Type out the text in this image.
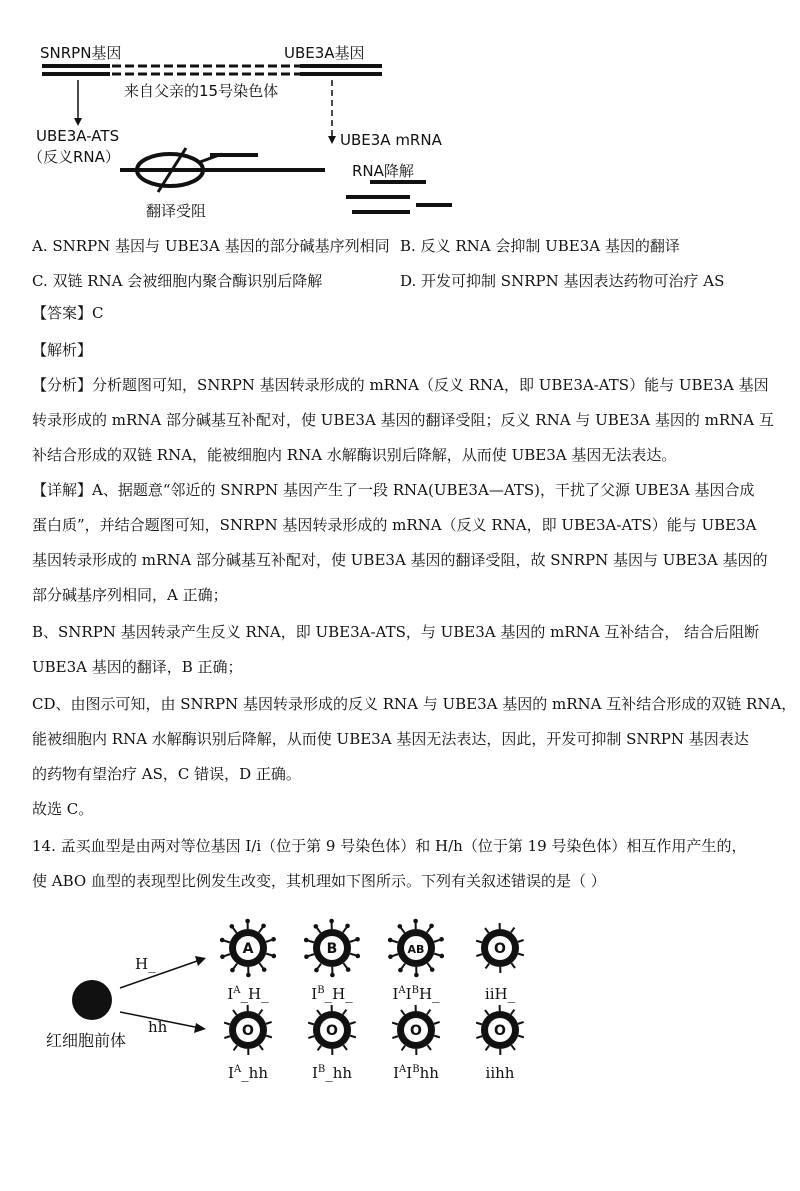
SNRPN基因	UBE3A基因
来自父亲的15号染色体
UBE3A-ATS
（反义RNA）
UBE3A mRNA
RNA降解
翻译受阻
A. SNRPN 基因与 UBE3A 基因的部分碱基序列相同 B. 反义 RNA 会抑制 UBE3A 基因的翻译
C. 双链 RNA 会被细胞内聚合酶识别后降解	D. 开发可抑制 SNRPN 基因表达药物可治疗 AS
【答案】C
【解析】
【分析】分析题图可知，SNRPN 基因转录形成的 mRNA（反义 RNA，即 UBE3A-ATS）能与 UBE3A 基因
转录形成的 mRNA 部分碱基互补配对，使 UBE3A 基因的翻译受阻；反义 RNA 与 UBE3A 基因的 mRNA 互
补结合形成的双链 RNA，能被细胞内 RNA 水解酶识别后降解，从而使 UBE3A 基因无法表达。
【详解】A、据题意“邻近的 SNRPN 基因产生了一段 RNA(UBE3A—ATS)，干扰了父源 UBE3A 基因合成
蛋白质”，并结合题图可知，SNRPN 基因转录形成的 mRNA（反义 RNA，即 UBE3A-ATS）能与 UBE3A
基因转录形成的 mRNA 部分碱基互补配对，使 UBE3A 基因的翻译受阻，故 SNRPN 基因与 UBE3A 基因的
部分碱基序列相同，A 正确；
B、SNRPN 基因转录产生反义 RNA，即 UBE3A-ATS，与 UBE3A 基因的 mRNA 互补结合， 结合后阻断
UBE3A 基因的翻译，B 正确；
CD、由图示可知，由 SNRPN 基因转录形成的反义 RNA 与 UBE3A 基因的 mRNA 互补结合形成的双链 RNA，
能被细胞内 RNA 水解酶识别后降解，从而使 UBE3A 基因无法表达，因此，开发可抑制 SNRPN 基因表达
的药物有望治疗 AS，C 错误，D 正确。
故选 C。
14. 孟买血型是由两对等位基因 I/i（位于第 9 号染色体）和 H/h（位于第 19 号染色体）相互作用产生的，
使 ABO 血型的表现型比例发生改变，其机理如下图所示。下列有关叙述错误的是（ ）
A	B	AB	O
O	O	O	O
红细胞前体
H_
hh
$I^A\_H\_$	$I^B\_H\_$	$I^AI^BH\_$	iiH_
$I^A\_hh$	$I^B\_hh$	$I^AI^Bhh$	iihh
